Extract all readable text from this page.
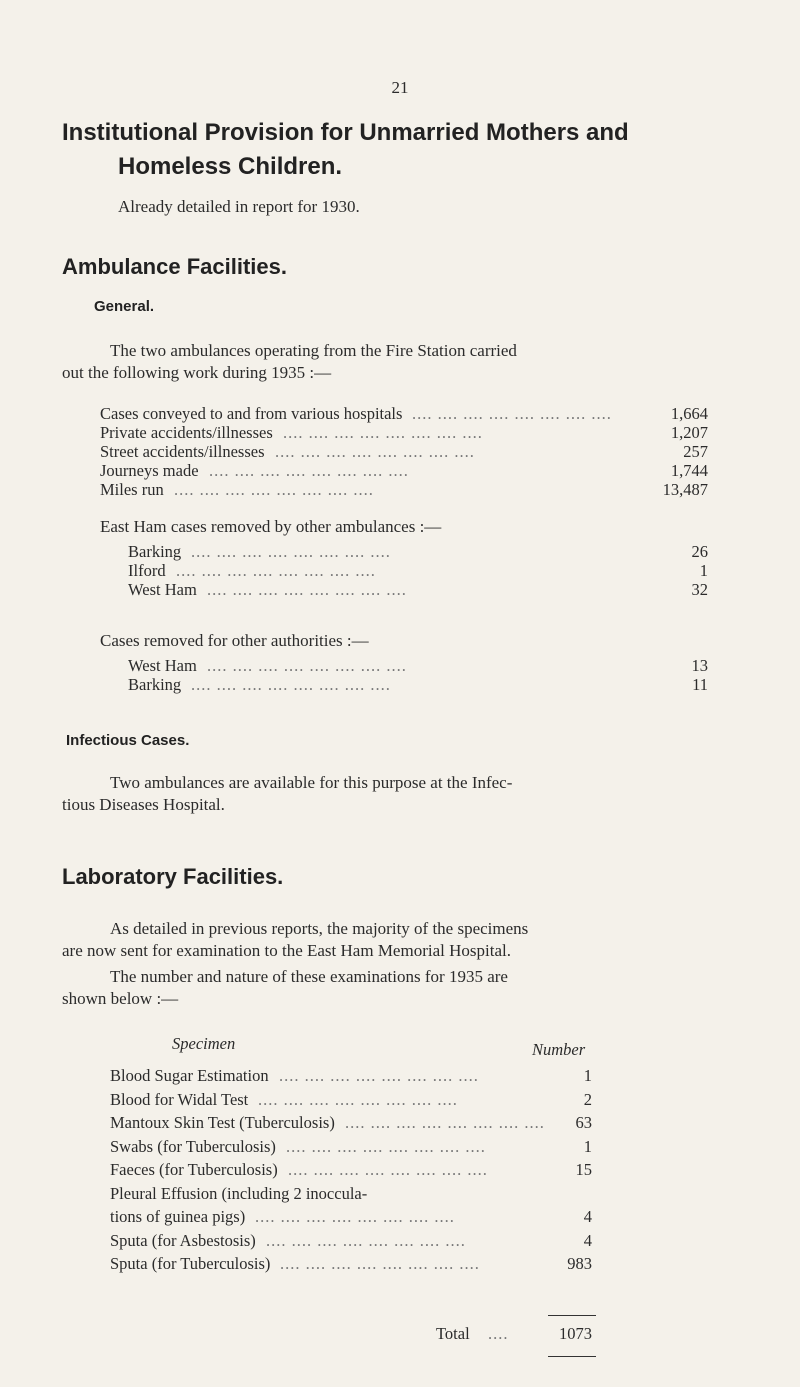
21
Institutional Provision for Unmarried Mothers and
Homeless Children.

Already detailed in report for 1930.

Ambulance Facilities.
General.

The two ambulances operating from the Fire Station carried

out the following work during 1935 :—

Cases conveyed to and from various hospitals .... .... .... .... .... .... .... ....	1,664
Private accidents/illnesses .... .... .... .... .... .... .... ....	1,207
Street accidents/illnesses .... .... .... .... .... .... .... ....	257
Journeys made .... .... .... .... .... .... .... ....	1,744
Miles run .... .... .... .... .... .... .... ....	13,487

East Ham cases removed by other ambulances :—

Barking .... .... .... .... .... .... .... ....	26
Ilford .... .... .... .... .... .... .... ....	1
West Ham .... .... .... .... .... .... .... ....	32

Cases removed for other authorities :—

West Ham .... .... .... .... .... .... .... ....	13
Barking .... .... .... .... .... .... .... ....	11
Infectious Cases.

Two ambulances are available for this purpose at the Infec-

tious Diseases Hospital.

Laboratory Facilities.

As detailed in previous reports, the majority of the specimens

are now sent for examination to the East Ham Memorial Hospital.

The number and nature of these examinations for 1935 are

shown below :—

Specimen	Number
Blood Sugar Estimation .... .... .... .... .... .... .... ....	1
Blood for Widal Test .... .... .... .... .... .... .... ....	2
Mantoux Skin Test (Tuberculosis) .... .... .... .... .... .... .... ....	63
Swabs (for Tuberculosis) .... .... .... .... .... .... .... ....	1
Faeces (for Tuberculosis) .... .... .... .... .... .... .... ....	15
Pleural Effusion (including 2 inoccula-
tions of guinea pigs) .... .... .... .... .... .... .... ....	4
Sputa (for Asbestosis) .... .... .... .... .... .... .... ....	4
Sputa (for Tuberculosis) .... .... .... .... .... .... .... ....	983
Total ....	1073
